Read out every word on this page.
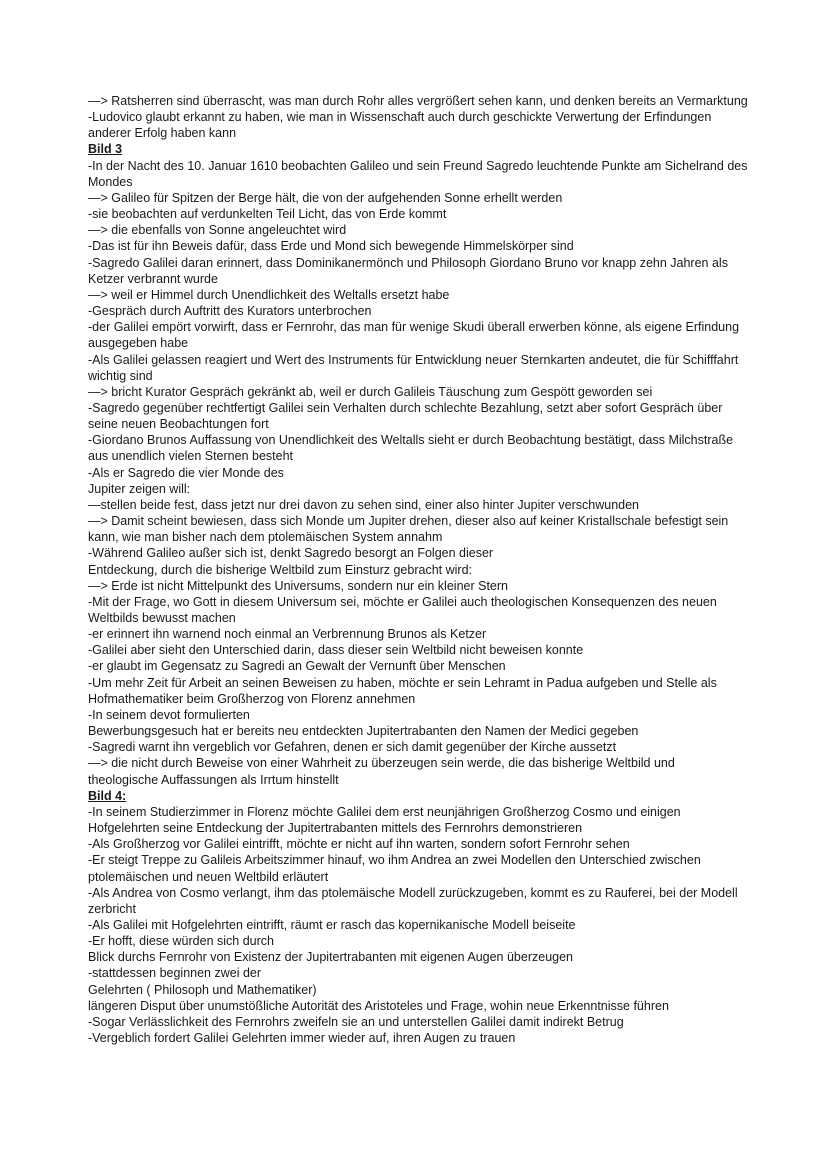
—> Ratsherren sind überrascht, was man durch Rohr alles vergrößert sehen kann, und denken bereits an Vermarktung
-Ludovico glaubt erkannt zu haben, wie man in Wissenschaft auch durch geschickte Verwertung der Erfindungen anderer Erfolg haben kann
Bild 3
-In der Nacht des 10. Januar 1610 beobachten Galileo und sein Freund Sagredo leuchtende Punkte am Sichelrand des Mondes
—> Galileo für Spitzen der Berge hält, die von der aufgehenden Sonne erhellt werden
-sie beobachten auf verdunkelten Teil Licht, das von Erde kommt
—> die ebenfalls von Sonne angeleuchtet wird
-Das ist für ihn Beweis dafür, dass Erde und Mond sich bewegende Himmelskörper sind
-Sagredo Galilei daran erinnert, dass Dominikanermönch und Philosoph Giordano Bruno vor knapp zehn Jahren als Ketzer verbrannt wurde
—> weil er Himmel durch Unendlichkeit des Weltalls ersetzt habe
-Gespräch durch Auftritt des Kurators unterbrochen
-der Galilei empört vorwirft, dass er Fernrohr, das man für wenige Skudi überall erwerben könne, als eigene Erfindung ausgegeben habe
-Als Galilei gelassen reagiert und Wert des Instruments für Entwicklung neuer Sternkarten andeutet, die für Schifffahrt wichtig sind
—> bricht Kurator Gespräch gekränkt ab, weil er durch Galileis Täuschung zum Gespött geworden sei
-Sagredo gegenüber rechtfertigt Galilei sein Verhalten durch schlechte Bezahlung, setzt aber sofort Gespräch über seine neuen Beobachtungen fort
-Giordano Brunos Auffassung von Unendlichkeit des Weltalls sieht er durch Beobachtung bestätigt, dass Milchstraße aus unendlich vielen Sternen besteht
-Als er Sagredo die vier Monde des
Jupiter zeigen will:
—stellen beide fest, dass jetzt nur drei davon zu sehen sind, einer also hinter Jupiter verschwunden
—> Damit scheint bewiesen, dass sich Monde um Jupiter drehen, dieser also auf keiner Kristallschale befestigt sein kann, wie man bisher nach dem ptolemäischen System annahm
-Während Galileo außer sich ist, denkt Sagredo besorgt an Folgen dieser
Entdeckung, durch die bisherige Weltbild zum Einsturz gebracht wird:
—> Erde ist nicht Mittelpunkt des Universums, sondern nur ein kleiner Stern
-Mit der Frage, wo Gott in diesem Universum sei, möchte er Galilei auch theologischen Konsequenzen des neuen Weltbilds bewusst machen
-er erinnert ihn warnend noch einmal an Verbrennung Brunos als Ketzer
-Galilei aber sieht den Unterschied darin, dass dieser sein Weltbild nicht beweisen konnte
-er glaubt im Gegensatz zu Sagredi an Gewalt der Vernunft über Menschen
-Um mehr Zeit für Arbeit an seinen Beweisen zu haben, möchte er sein Lehramt in Padua aufgeben und Stelle als Hofmathematiker beim Großherzog von Florenz annehmen
-In seinem devot formulierten
Bewerbungsgesuch hat er bereits neu entdeckten Jupitertrabanten den Namen der Medici gegeben
-Sagredi warnt ihn vergeblich vor Gefahren, denen er sich damit gegenüber der Kirche aussetzt
—> die nicht durch Beweise von einer Wahrheit zu überzeugen sein werde, die das bisherige Weltbild und theologische Auffassungen als Irrtum hinstellt
Bild 4:
-In seinem Studierzimmer in Florenz möchte Galilei dem erst neunjährigen Großherzog Cosmo und einigen Hofgelehrten seine Entdeckung der Jupitertrabanten mittels des Fernrohrs demonstrieren
-Als Großherzog vor Galilei eintrifft, möchte er nicht auf ihn warten, sondern sofort Fernrohr sehen
-Er steigt Treppe zu Galileis Arbeitszimmer hinauf, wo ihm Andrea an zwei Modellen den Unterschied zwischen ptolemäischen und neuen Weltbild erläutert
-Als Andrea von Cosmo verlangt, ihm das ptolemäische Modell zurückzugeben, kommt es zu Rauferei, bei der Modell zerbricht
-Als Galilei mit Hofgelehrten eintrifft, räumt er rasch das kopernikanische Modell beiseite
-Er hofft, diese würden sich durch
Blick durchs Fernrohr von Existenz der Jupitertrabanten mit eigenen Augen überzeugen
-stattdessen beginnen zwei der
Gelehrten ( Philosoph und Mathematiker)
längeren Disput über unumstößliche Autorität des Aristoteles und Frage, wohin neue Erkenntnisse führen
-Sogar Verlässlichkeit des Fernrohrs zweifeln sie an und unterstellen Galilei damit indirekt Betrug
-Vergeblich fordert Galilei Gelehrten immer wieder auf, ihren Augen zu trauen
